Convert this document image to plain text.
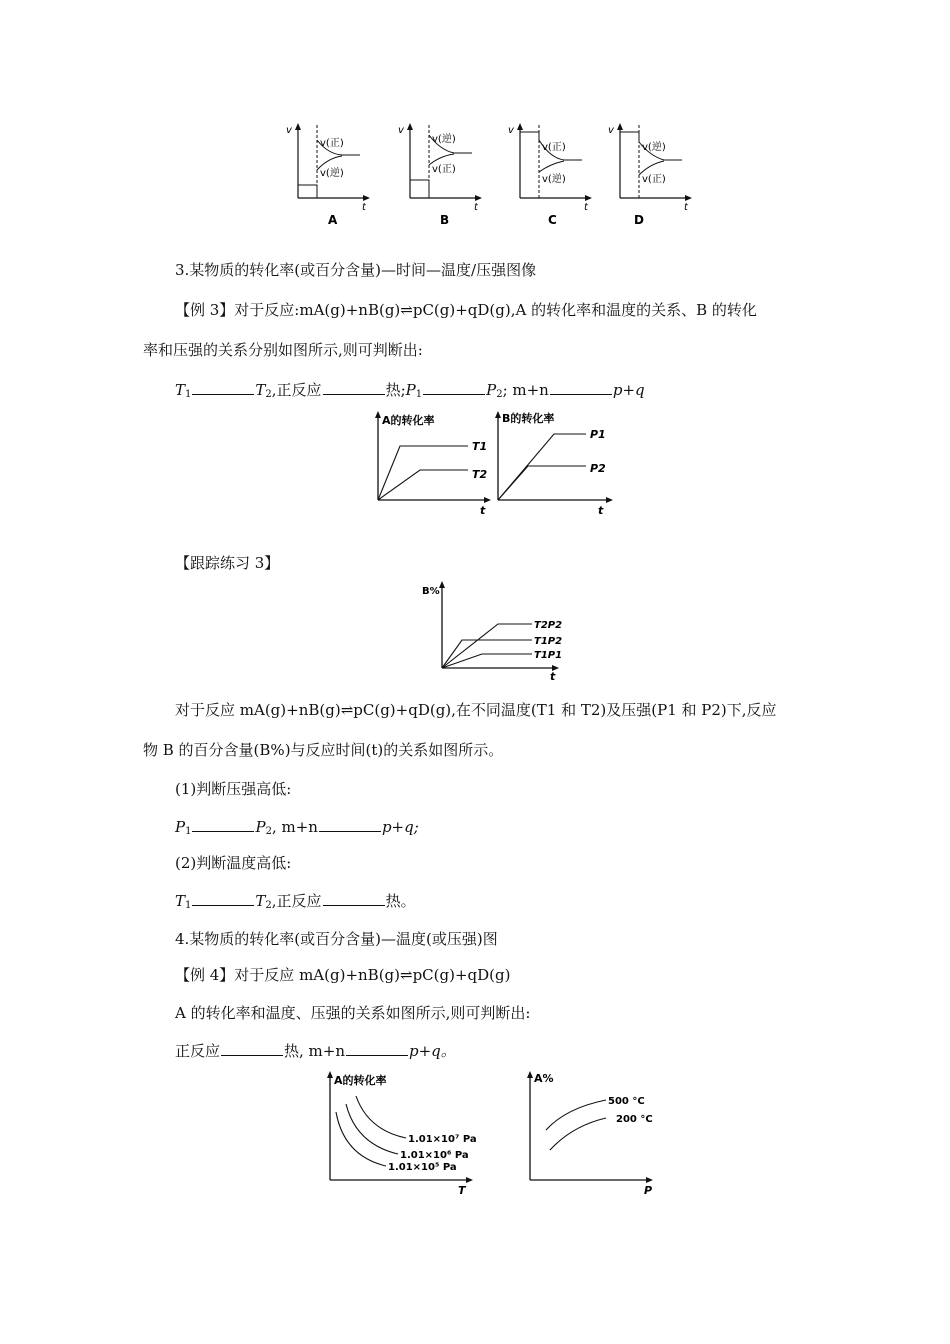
v
t
v(正)
v(逆)
A
v
t
v(逆)
v(正)
B
v
t
v(正)
v(逆)
C
v
t
v(逆)
v(正)
D
3.某物质的转化率(或百分含量)—时间—温度/压强图像
【例 3】对于反应:mA(g)+nB(g)⇌pC(g)+qD(g),A 的转化率和温度的关系、B 的转化
率和压强的关系分别如图所示,则可判断出:
$T_1$	$T_2$,正反应	热$;P_1$	$P_2$; m+n	p+q
A的转化率
t
T1
T2
B的转化率
t
P1
P2
【跟踪练习 3】
B%
t
T2P2
T1P2
T1P1
对于反应 mA(g)+nB(g)⇌pC(g)+qD(g),在不同温度(T1 和 T2)及压强(P1 和 P2)下,反应
物 B 的百分含量(B%)与反应时间(t)的关系如图所示。
(1)判断压强高低:
$P_1$	$P_2$, m+n	p+q;
(2)判断温度高低:
$T_1$	$T_2$,正反应	热。
4.某物质的转化率(或百分含量)—温度(或压强)图
【例 4】对于反应 mA(g)+nB(g)⇌pC(g)+qD(g)
A 的转化率和温度、压强的关系如图所示,则可判断出:
正反应	热, m+n	p+q。
A的转化率
T
1.01×10⁷ Pa
1.01×10⁶ Pa
1.01×10⁵ Pa
A%
P
500 °C
200 °C
